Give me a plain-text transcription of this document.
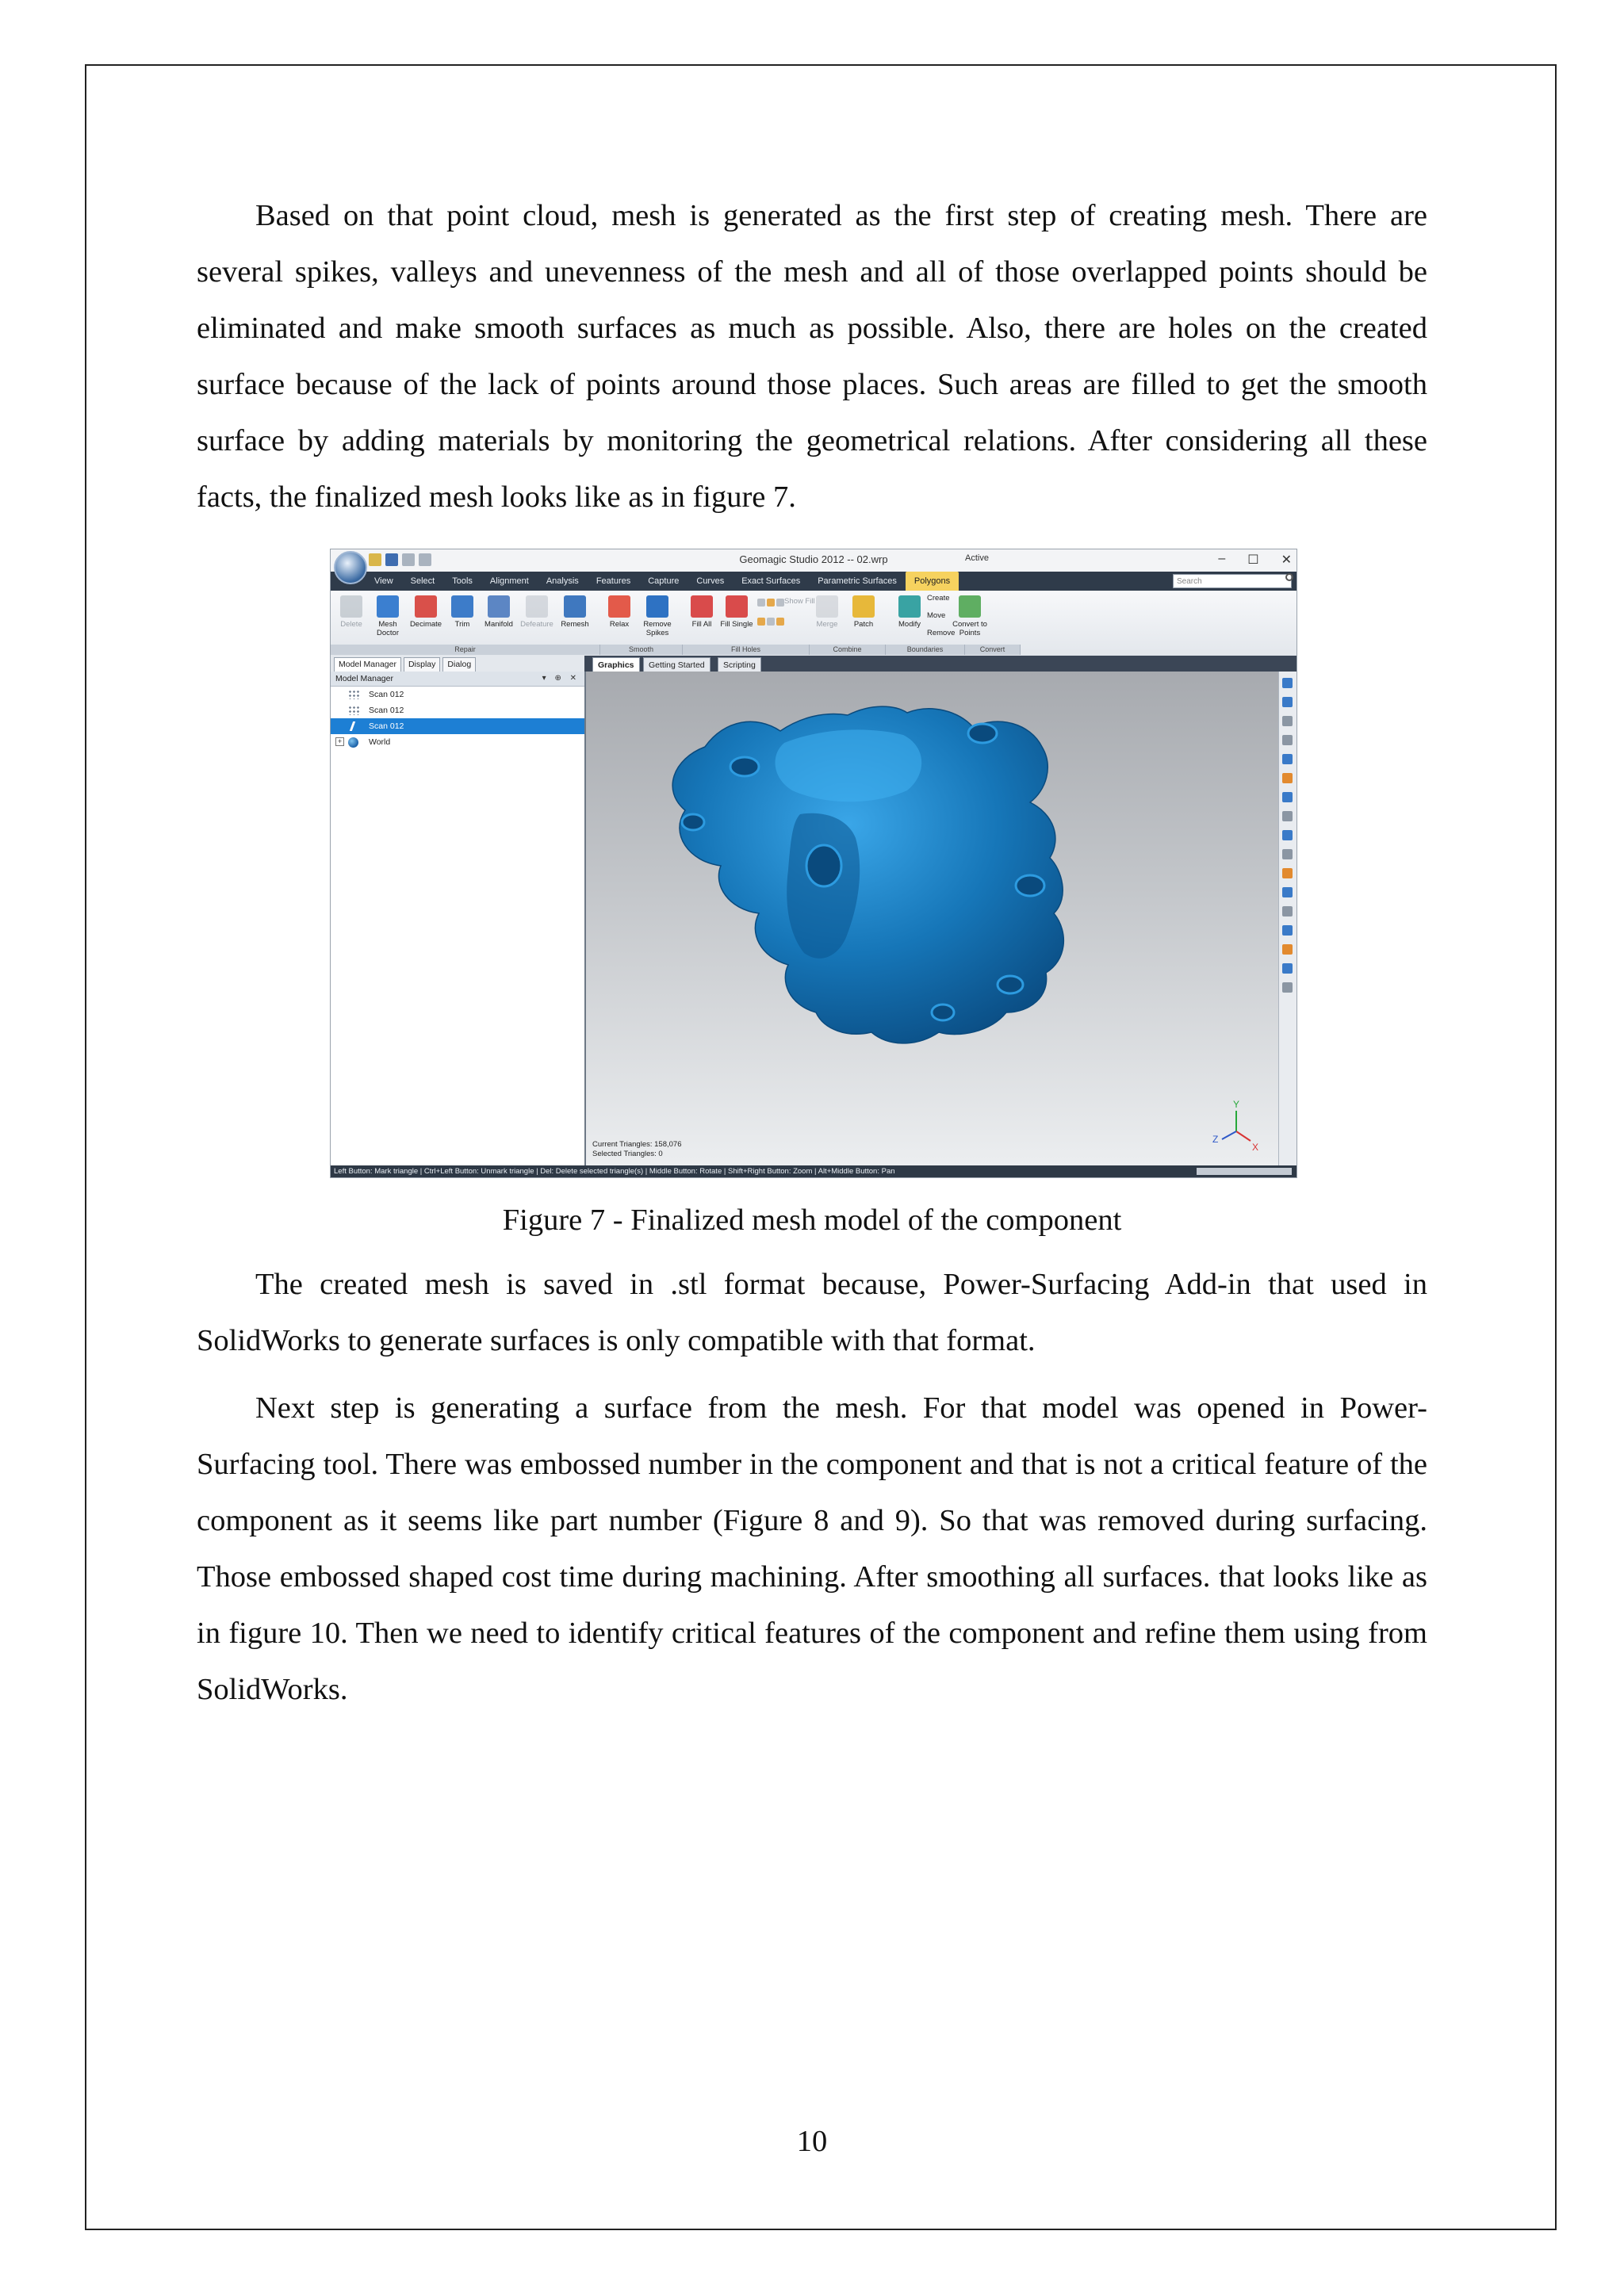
Based on that point cloud, mesh is generated as the first step of creating mesh. There are several spikes, valleys and unevenness of the mesh and all of those overlapped points should be eliminated and make smooth surfaces as much as possible. Also, there are holes on the created surface because of the lack of points around those places. Such areas are filled to get the smooth surface by adding materials by monitoring the geometrical relations. After considering all these facts, the finalized mesh looks like as in figure 7.

Geomagic Studio 2012 -- 02.wrp	Active	– ☐ ✕
View	Select	Tools	Alignment	Analysis	Features	Capture	Curves	Exact Surfaces	Parametric Surfaces	Polygons	Search
Delete	Mesh Doctor
Decimate	Trim	Manifold Defeature Remesh	Relax	Remove Spikes
Fill All	Fill Single	Merge	Patch	Modify	Convert to Points
Show Fill	Create
Move
Remove
Repair	Smooth	Fill Holes	Combine	Boundaries	Convert
Model Manager	Display	Dialog
Model Manager	▾ ⊕ ✕
Scan 012
Scan 012
Scan 012
+	World
Graphics	Getting Started	Scripting
Y
X
Z
Current Triangles: 158,076
Selected Triangles: 0
Left Button: Mark triangle | Ctrl+Left Button: Unmark triangle | Del: Delete selected triangle(s) | Middle Button: Rotate | Shift+Right Button: Zoom | Alt+Middle Button: Pan
Figure 7 - Finalized mesh model of the component

The created mesh is saved in .stl format because, Power-Surfacing Add-in that used in SolidWorks to generate surfaces is only compatible with that format.

Next step is generating a surface from the mesh. For that model was opened in Power-Surfacing tool. There was embossed number in the component and that is not a critical feature of the component as it seems like part number (Figure 8 and 9). So that was removed during surfacing. Those embossed shaped cost time during machining. After smoothing all surfaces. that looks like as in figure 10. Then we need to identify critical features of the component and refine them using from SolidWorks.

10
